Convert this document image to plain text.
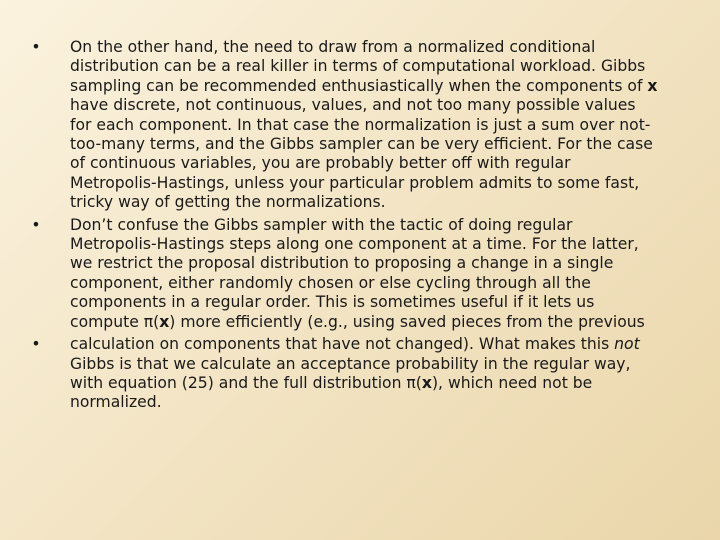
• On the other hand, the need to draw from a normalized conditional
distribution can be a real killer in terms of computational workload. Gibbs
sampling can be recommended enthusiastically when the components of x
have discrete, not continuous, values, and not too many possible values
for each component. In that case the normalization is just a sum over not-
too-many terms, and the Gibbs sampler can be very efficient. For the case
of continuous variables, you are probably better off with regular
Metropolis-Hastings, unless your particular problem admits to some fast,
tricky way of getting the normalizations.
• Don’t confuse the Gibbs sampler with the tactic of doing regular
Metropolis-Hastings steps along one component at a time. For the latter,
we restrict the proposal distribution to proposing a change in a single
component, either randomly chosen or else cycling through all the
components in a regular order. This is sometimes useful if it lets us
compute π(x) more efficiently (e.g., using saved pieces from the previous
• calculation on components that have not changed). What makes this not
Gibbs is that we calculate an acceptance probability in the regular way,
with equation (25) and the full distribution π(x), which need not be
normalized.
